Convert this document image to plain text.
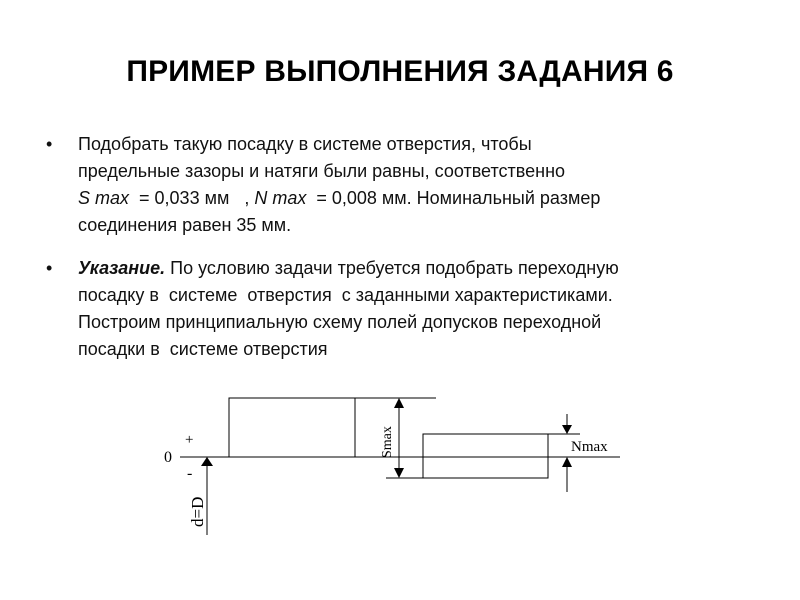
ПРИМЕР ВЫПОЛНЕНИЯ ЗАДАНИЯ 6
• Подобрать такую посадку в системе отверстия, чтобы
предельные зазоры и натяги были равны, соответственно
S max  = 0,033 мм   , N max  = 0,008 мм. Номинальный размер
соединения равен 35 мм.
• Указание. По условию задачи требуется подобрать переходную
посадку в  системе  отверстия  с заданными характеристиками.
Построим принципиальную схему полей допусков переходной
посадки в  системе отверстия
0
+
-
d=D
Smax	Nmax
